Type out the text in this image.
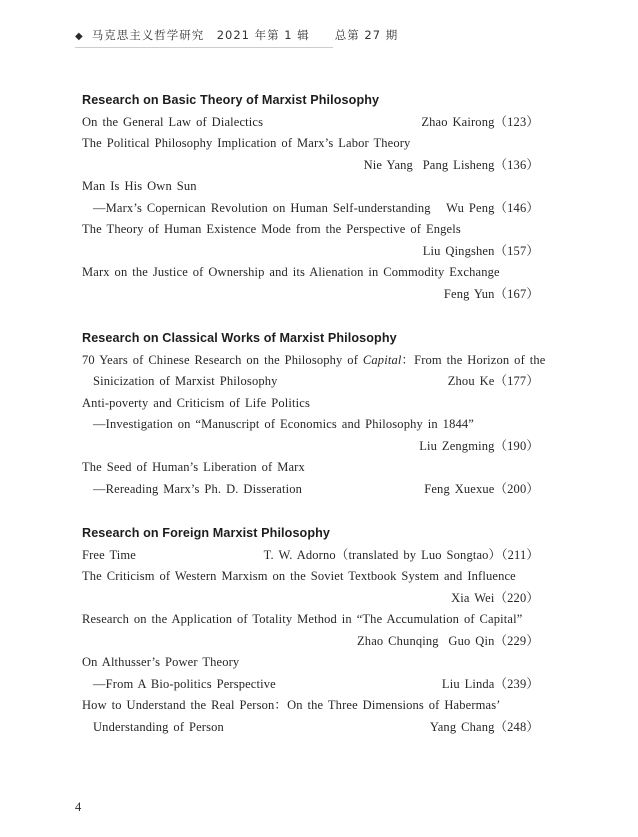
◆ 马克思主义哲学研究　2021 年第 1 辑　　总第 27 期
Research on Basic Theory of Marxist Philosophy
On the General Law of Dialectics	Zhao Kairong（123）
The Political Philosophy Implication of Marx’s Labor Theory
Nie Yang  Pang Lisheng（136）
Man Is His Own Sun
—Marx’s Copernican Revolution on Human Self-understanding Wu Peng（146）
The Theory of Human Existence Mode from the Perspective of Engels
Liu Qingshen（157）
Marx on the Justice of Ownership and its Alienation in Commodity Exchange
Feng Yun（167）
Research on Classical Works of Marxist Philosophy
70 Years of Chinese Research on the Philosophy of Capital：From the Horizon of the
Sinicization of Marxist Philosophy	Zhou Ke（177）
Anti-poverty and Criticism of Life Politics
—Investigation on “Manuscript of Economics and Philosophy in 1844”
Liu Zengming（190）
The Seed of Human’s Liberation of Marx
—Rereading Marx’s Ph. D. Disseration	Feng Xuexue（200）
Research on Foreign Marxist Philosophy
Free Time	T. W. Adorno（translated by Luo Songtao）（211）
The Criticism of Western Marxism on the Soviet Textbook System and Influence
Xia Wei（220）
Research on the Application of Totality Method in “The Accumulation of Capital”
Zhao Chunqing  Guo Qin（229）
On Althusser’s Power Theory
—From A Bio-politics Perspective	Liu Linda（239）
How to Understand the Real Person：On the Three Dimensions of Habermas’
Understanding of Person	Yang Chang（248）
4
